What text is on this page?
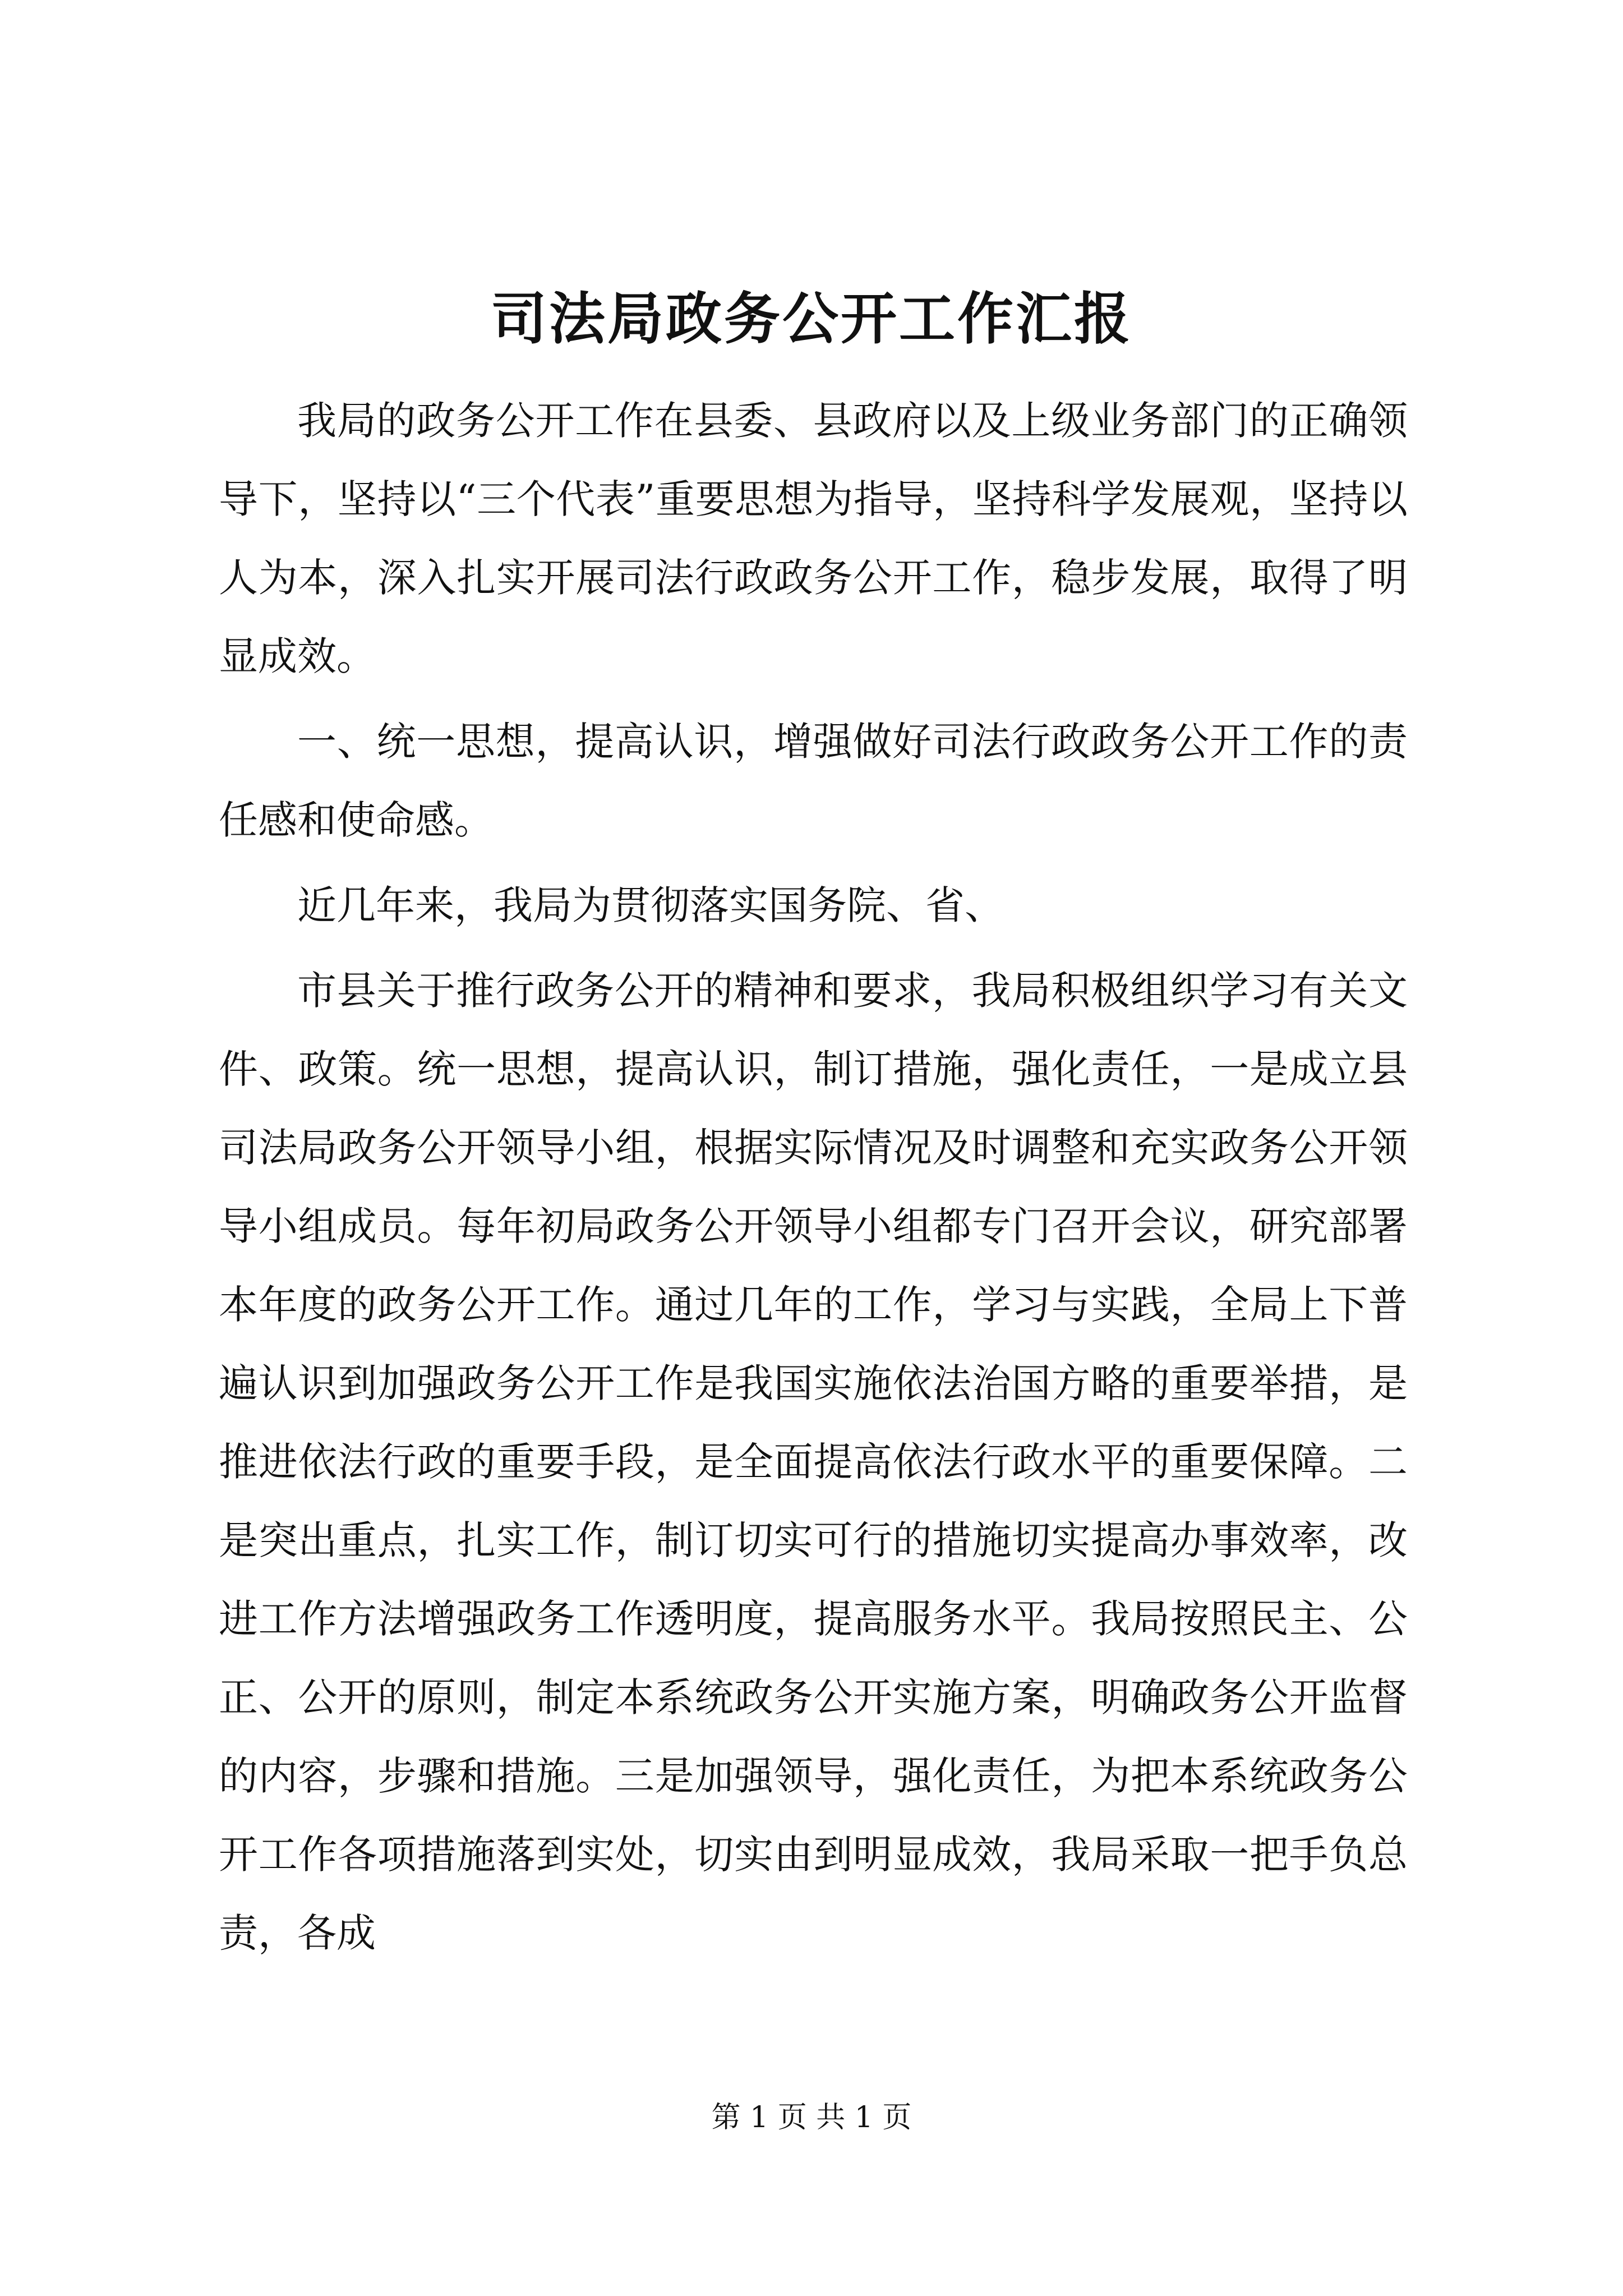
司法局政务公开工作汇报

我局的政务公开工作在县委、县政府以及上级业务部门的正确领导下，坚持以“三个代表”重要思想为指导，坚持科学发展观，坚持以人为本，深入扎实开展司法行政政务公开工作，稳步发展，取得了明显成效。

一、统一思想，提高认识，增强做好司法行政政务公开工作的责任感和使命感。

近几年来，我局为贯彻落实国务院、省、

市县关于推行政务公开的精神和要求，我局积极组织学习有关文件、政策。统一思想，提高认识，制订措施，强化责任，一是成立县司法局政务公开领导小组，根据实际情况及时调整和充实政务公开领导小组成员。每年初局政务公开领导小组都专门召开会议，研究部署本年度的政务公开工作。通过几年的工作，学习与实践，全局上下普遍认识到加强政务公开工作是我国实施依法治国方略的重要举措，是推进依法行政的重要手段，是全面提高依法行政水平的重要保障。二是突出重点，扎实工作，制订切实可行的措施切实提高办事效率，改进工作方法增强政务工作透明度，提高服务水平。我局按照民主、公正、公开的原则，制定本系统政务公开实施方案，明确政务公开监督的内容，步骤和措施。三是加强领导，强化责任，为把本系统政务公开工作各项措施落到实处，切实由到明显成效，我局采取一把手负总责，各成

第 1 页 共 1 页
